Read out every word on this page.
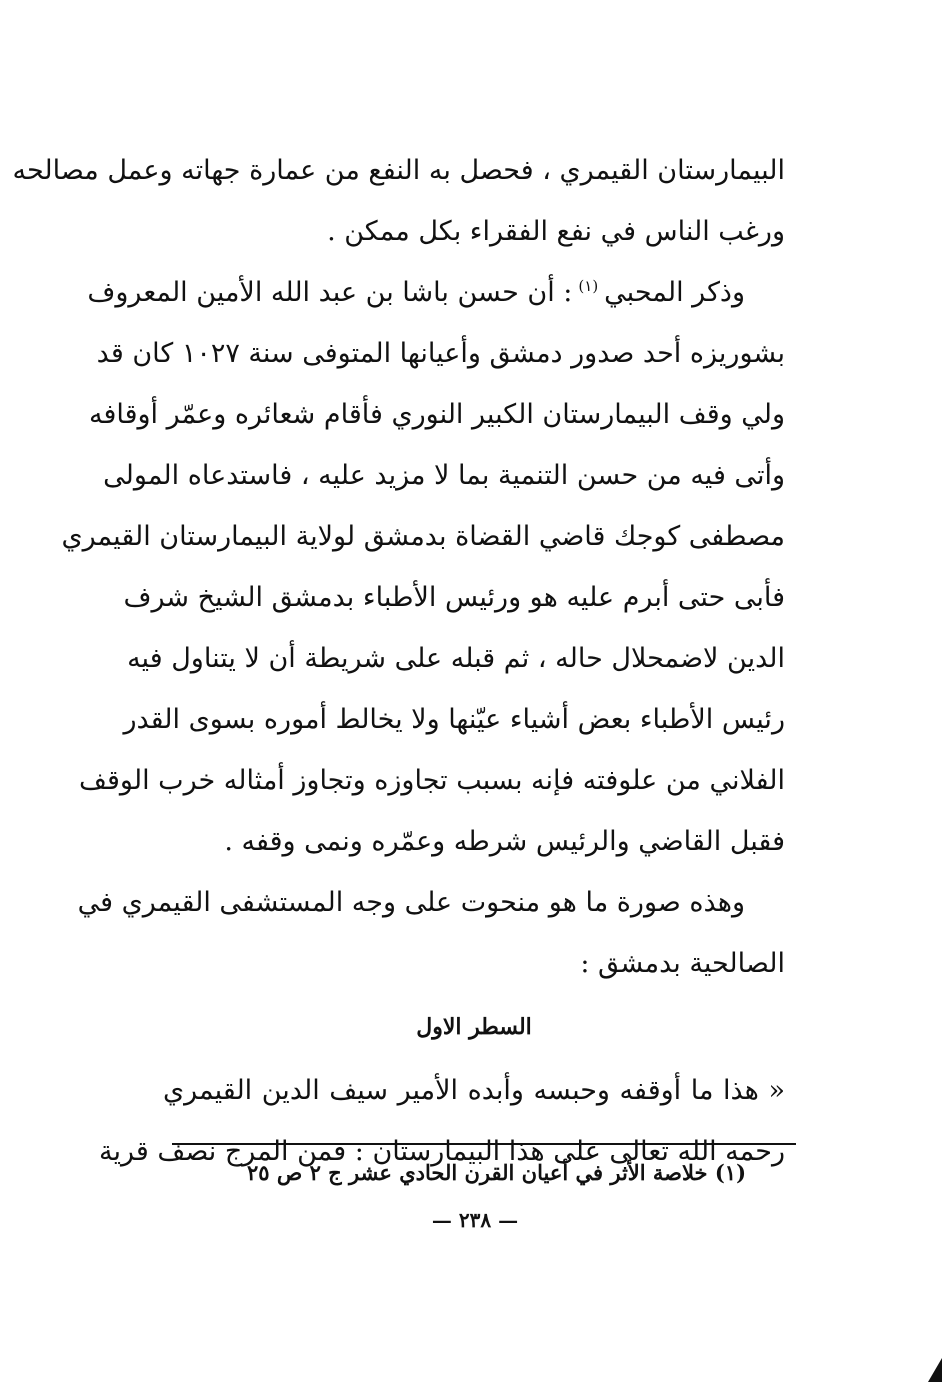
البيمارستان القيمري ، فحصل به النفع من عمارة جهاته وعمل مصالحه
ورغب الناس في نفع الفقراء بكل ممكن .
وذكر المحبي$^{(١)}$: أن حسن باشا بن عبد الله الأمين المعروف
بشوريزه أحد صدور دمشق وأعيانها المتوفى سنة ١٠٢٧ كان قد
ولي وقف البيمارستان الكبير النوري فأقام شعائره وعمّر أوقافه
وأتى فيه من حسن التنمية بما لا مزيد عليه ، فاستدعاه المولى
مصطفى كوجك قاضي القضاة بدمشق لولاية البيمارستان القيمري
فأبى حتى أبرم عليه هو ورئيس الأطباء بدمشق الشيخ شرف
الدين لاضمحلال حاله ، ثم قبله على شريطة أن لا يتناول فيه
رئيس الأطباء بعض أشياء عيّنها ولا يخالط أموره بسوى القدر
الفلاني من علوفته فإنه بسبب تجاوزه وتجاوز أمثاله خرب الوقف
فقبل القاضي والرئيس شرطه وعمّره ونمى وقفه .
وهذه صورة ما هو منحوت على وجه المستشفى القيمري في
الصالحية بدمشق :
السطر الاول
« هذا ما أوقفه وحبسه وأبده الأمير سيف الدين القيمري
رحمه الله تعالى على هذا البيمارستان : فمن المرج نصف قرية
(١) خلاصة الأثر في أعيان القرن الحادي عشر ج ٢ ص ٢٥
— ٢٣٨ —
